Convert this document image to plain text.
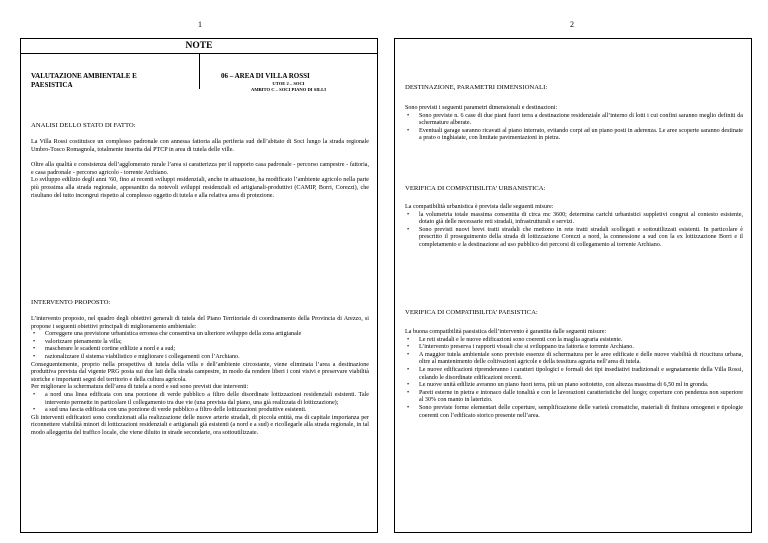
1	2
NOTE
VALUTAZIONE AMBIENTALE E
PAESISTICA
06 – AREA DI VILLA ROSSI
UTOE 2 – SOCI
AMBITO C – SOCI PIANO DI SILLI
ANALISI DELLO STATO DI FATTO:

La Villa Rossi costituisce un complesso padronale con annessa fattoria alla periferia sud dell’abitato di Soci lungo la strada regionale Umbro-Tosco Romagnola, totalmente inserita dal PTCP in area di tutela delle ville.

Oltre alla qualità e consistenza dell’agglomerato rurale l’area si caratterizza per il rapporto casa padronale - percorso campestre - fattoria, e casa padronale - percorso agricolo - torrente Archiano.

Lo sviluppo edilizio degli anni ’60, fino ai recenti sviluppi residenziali, anche in attuazione, ha modificato l’ambiente agricolo nella parte più prossima alla strada regionale, appesantito da notevoli sviluppi residenziali ed artigianali-produttivi (CAMIP, Borri, Corezzi), che risultano del tutto incongrui rispetto al complesso oggetto di tutela e alla relativa area di protezione.

INTERVENTO PROPOSTO:

L’intervento proposto, nel quadro degli obiettivi generali di tutela del Piano Territoriale di coordinamento della Provincia di Arezzo, si propone i seguenti obiettivi principali di miglioramento ambientale:

• Correggere una previsione urbanistica erronea che consentiva un ulteriore sviluppo della zona artigianale
• valorizzare pienamente la villa;
• mascherare le scadenti cortine edilizie a nord e a sud;
• razionalizzare il sistema viabilistico e migliorare i collegamenti con l’Archiano.

Conseguentemente, proprio nella prospettiva di tutela della villa e dell’ambiente circostante, viene eliminata l’area a destinazione produttiva prevista dal vigente PRG posta sui due lati della strada campestre, in modo da rendere liberi i coni visivi e preservare viabilità storiche e importanti segni del territorio e della cultura agricola.

Per migliorare la schermatura dell’area di tutela a nord e sud sono previsti due interventi:

• a nord una linea edificata con una porzione di verde pubblico a filtro delle disordinate lottizzazioni residenziali esistenti. Tale intervento permette in particolare il collegamento tra due vie (una prevista dal piano, una già realizzata di lottizzazione);
• a sud una fascia edificata con una porzione di verde pubblico a filtro delle lottizzazioni produttive esistenti.

Gli interventi edificatori sono condizionati alla realizzazione delle nuove arterie stradali, di piccola entità, ma di capitale importanza per riconnettere viabilità minori di lottizzazioni residenziali e artigianali già esistenti (a nord e a sud) e ricollegarle alla strada regionale, in tal modo alleggerita del traffico locale, che viene diluito in strade secondarie, ora sottoutilizzate.

DESTINAZIONE, PARAMETRI DIMENSIONALI:

Sono previsti i seguenti parametri dimensionali e destinazioni:

• Sono previste n. 6 case di due piani fuori terra a destinazione residenziale all’interno di lotti i cui confini saranno meglio definiti da schermature alberate.
• Eventuali garage saranno ricavati al piano interrato, evitando corpi ad un piano posti in aderenza. Le aree scoperte saranno destinate a prato o inghiaiate, con limitate pavimentazioni in pietra.
VERIFICA DI COMPATIBILITA’ URBANISTICA:

La compatibilità urbanistica è prevista dalle seguenti misure:

• la volumetria totale massima consentita di circa mc 3600; determina carichi urbanistici suppletivi congrui al contesto esistente, dotato già delle necessarie reti stradali, infrastrutturali e servizi.
• Sono previsti nuovi brevi tratti stradali che mettono in rete tratti stradali scollegati e sottoutilizzati esistenti. In particolare è prescritto il proseguimento della strada di lottizzazione Corezzi a nord, la connessione a sud con la ex lottizzazione Borri e il completamento e la destinazione ad uso pubblico dei percorsi di collegamento al torrente Archiano.
VERIFICA DI COMPATIBILITA’ PAESISTICA:

La buona compatibilità paesistica dell’intervento è garantita dalle seguenti misure:

• Le reti stradali e le nuove edificazioni sono coerenti con la maglia agraria esistente.
• L’intervento preserva i rapporti visuali che si sviluppano tra fattoria e torrente Archiano.
• A maggior tutela ambientale sono previste essenze di schermatura per le aree edificate e delle nuove viabilità di ricucitura urbana, oltre al mantenimento delle coltivazioni agricole e della tessitura agraria nell’area di tutela.
• Le nuove edificazioni riprenderanno i caratteri tipologici e formali dei tipi insediativi tradizionali e segnatamente della Villa Rossi, celando le disordinate edificazioni recenti.
• Le nuove unità edilizie avranno un piano fuori terra, più un piano sottotetto, con altezza massima di 6,50 ml in gronda.
• Pareti esterne in pietra e intonaco dalle tonalità e con le lavorazioni caratteristiche del luogo; coperture con pendenza non superiore al 30% con manto in laterizio.
• Sono previste forme elementari delle coperture, semplificazione delle varietà cromatiche, materiali di finitura omogenei e tipologie coerenti con l’edificato storico presente nell’area.
